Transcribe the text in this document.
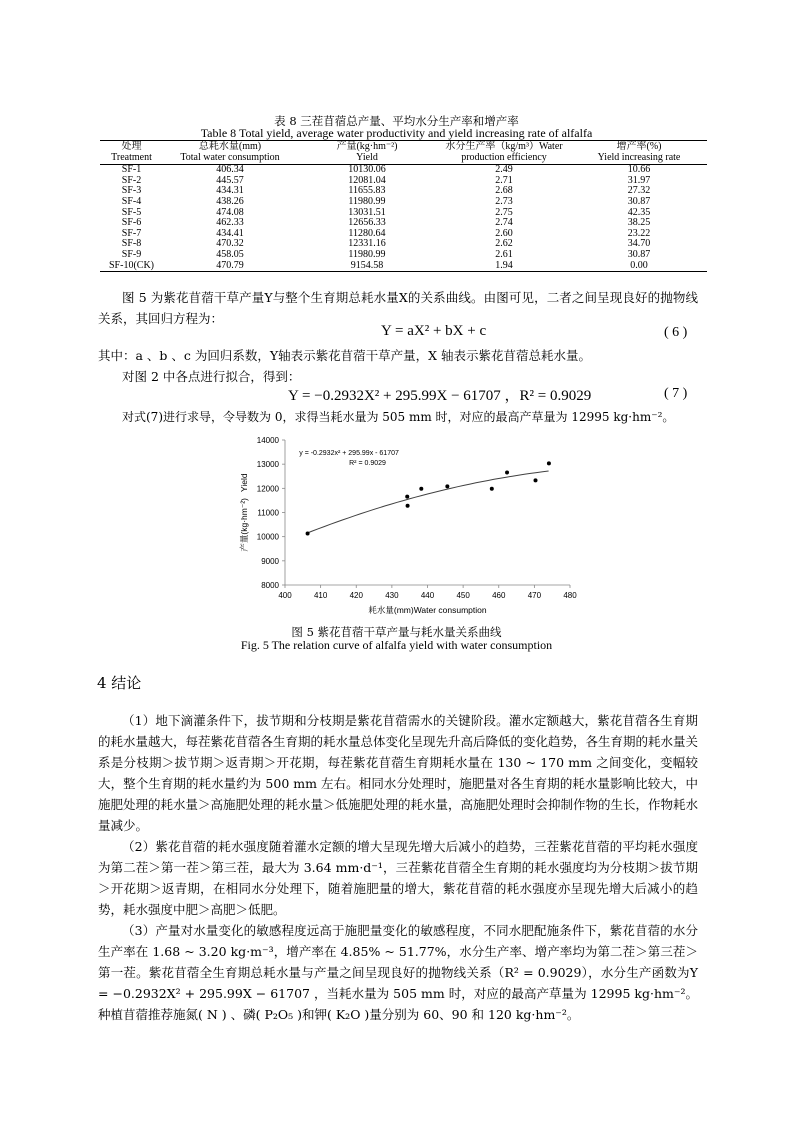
表 8 三茬苜蓿总产量、平均水分生产率和增产率
Table 8 Total yield, average water productivity and yield increasing rate of alfalfa
处理	总耗水量(mm)	产量(kg·hm⁻²)	水分生产率（kg/m³）Water	增产率(%)
Treatment	Total water consumption	Yield	production efficiency	Yield increasing rate
SF-1	406.34	10130.06	2.49	10.66
SF-2	445.57	12081.04	2.71	31.97
SF-3	434.31	11655.83	2.68	27.32
SF-4	438.26	11980.99	2.73	30.87
SF-5	474.08	13031.51	2.75	42.35
SF-6	462.33	12656.33	2.74	38.25
SF-7	434.41	11280.64	2.60	23.22
SF-8	470.32	12331.16	2.62	34.70
SF-9	458.05	11980.99	2.61	30.87
SF-10(CK)	470.79	9154.58	1.94	0.00

图 5 为紫花苜蓿干草产量Y与整个生育期总耗水量X的关系曲线。由图可见，二者之间呈现良好的抛物线关系，其回归方程为：

Y = aX² + bX + c	( 6 )

其中：a 、b 、c 为回归系数，Y轴表示紫花苜蓿干草产量，X 轴表示紫花苜蓿总耗水量。

对图 2 中各点进行拟合，得到：

Y = −0.2932X² + 295.99X − 61707 ，R² = 0.9029	( 7 )

对式(7)进行求导，令导数为 0，求得当耗水量为 505 mm 时，对应的最高产草量为 12995 kg·hm⁻²。

400	410	420	430	440	450	460	470	480
8000
9000
10000
11000
12000
13000
14000
y = -0.2932x² + 295.99x - 61707
R² = 0.9029
耗水量(mm)Water consumption
产量(kg·hm⁻²)Yield
图 5 紫花苜蓿干草产量与耗水量关系曲线
Fig. 5 The relation curve of alfalfa yield with water consumption
4 结论

（1）地下滴灌条件下，拔节期和分枝期是紫花苜蓿需水的关键阶段。灌水定额越大，紫花苜蓿各生育期的耗水量越大，每茬紫花苜蓿各生育期的耗水量总体变化呈现先升高后降低的变化趋势，各生育期的耗水量关系是分枝期＞拔节期＞返青期＞开花期，每茬紫花苜蓿生育期耗水量在 130 ~ 170 mm 之间变化，变幅较大，整个生育期的耗水量约为 500 mm 左右。相同水分处理时，施肥量对各生育期的耗水量影响比较大，中施肥处理的耗水量＞高施肥处理的耗水量＞低施肥处理的耗水量，高施肥处理时会抑制作物的生长，作物耗水量减少。

（2）紫花苜蓿的耗水强度随着灌水定额的增大呈现先增大后减小的趋势，三茬紫花苜蓿的平均耗水强度为第二茬＞第一茬＞第三茬，最大为 3.64 mm·d⁻¹，三茬紫花苜蓿全生育期的耗水强度均为分枝期＞拔节期＞开花期＞返青期，在相同水分处理下，随着施肥量的增大，紫花苜蓿的耗水强度亦呈现先增大后减小的趋势，耗水强度中肥＞高肥＞低肥。

（3）产量对水量变化的敏感程度远高于施肥量变化的敏感程度，不同水肥配施条件下，紫花苜蓿的水分生产率在 1.68 ~ 3.20 kg·m⁻³，增产率在 4.85% ~ 51.77%，水分生产率、增产率均为第二茬＞第三茬＞第一茬。紫花苜蓿全生育期总耗水量与产量之间呈现良好的抛物线关系（R² = 0.9029），水分生产函数为Y = −0.2932X² + 295.99X − 61707 ，当耗水量为 505 mm 时，对应的最高产草量为 12995 kg·hm⁻²。种植苜蓿推荐施氮( N ) 、磷( P₂O₅ )和钾( K₂O )量分别为 60、90 和 120 kg·hm⁻²。
